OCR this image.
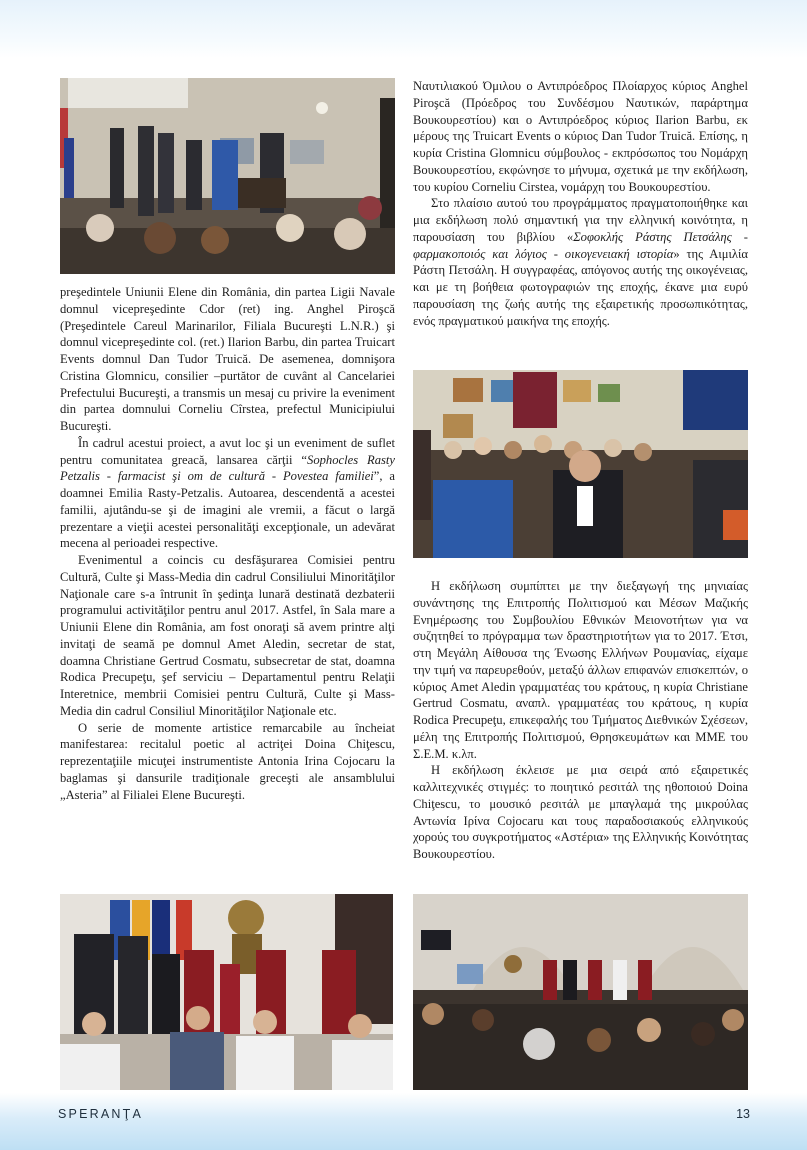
preşedintele Uniunii Elene din România, din partea Ligii Navale domnul vicepreşedinte Cdor (ret) ing. Anghel Piroşcă (Preşedintele Careul Marinarilor, Filiala Bucureşti L.N.R.) şi domnul vicepreşedinte col. (ret.) Ilarion Barbu, din partea Truicart Events domnul Dan Tudor Truică. De asemenea, domnişora Cristina Glomnicu, consilier –purtător de cuvânt al Cancelariei Prefectului Bucureşti, a transmis un mesaj cu privire la eveniment din partea domnului Corneliu Cîrstea, prefectul Municipiului Bucureşti.

În cadrul acestui proiect, a avut loc şi un eveniment de suflet pentru comunitatea greacă, lansarea cărţii “Sophocles Rasty Petzalis - farmacist şi om de cultură - Povestea familiei”, a doamnei Emilia Rasty-Petzalis. Autoarea, descendentă a acestei familii, ajutându-se şi de imagini ale vremii, a făcut o largă prezentare a vieţii acestei personalităţi excepţionale, un adevărat mecena al perioadei respective.

Evenimentul a coincis cu desfăşurarea Comisiei pentru Cultură, Culte şi Mass-Media din cadrul Consiliului Minorităţilor Naţionale care s-a întrunit în şedinţa lunară destinată dezbaterii programului activităţilor pentru anul 2017. Astfel, în Sala mare a Uniunii Elene din România, am fost onoraţi să avem printre alţi invitaţi de seamă pe domnul Amet Aledin, secretar de stat, doamna Christiane Gertrud Cosmatu, subsecretar de stat, doamna Rodica Precupeţu, şef serviciu – Departamentul pentru Relaţii Interetnice, membrii Comisiei pentru Cultură, Culte şi Mass-Media din cadrul Consiliul Minorităţilor Naţionale etc.

O serie de momente artistice remarcabile au încheiat manifestarea: recitalul poetic al actriţei Doina Chiţescu, reprezentaţiile micuţei instrumentiste Antonia Irina Cojocaru la baglamas şi dansurile tradiţionale greceşti ale ansamblului „Asteria” al Filialei Elene Bucureşti.

Ναυτιλιακού Όμιλου ο Αντιπρόεδρος Πλοίαρχος κύριος Anghel Piroşcă (Πρόεδρος του Συνδέσμου Ναυτικών, παράρτημα Βουκουρεστίου) και ο Αντιπρόεδρος κύριος Ilarion Barbu, εκ μέρους της Truicart Events ο κύριος Dan Tudor Truică. Επίσης, η κυρία Cristina Glomnicu σύμβουλος - εκπρόσωπος του Νομάρχη Βουκουρεστίου, εκφώνησε το μήνυμα, σχετικά με την εκδήλωση, του κυρίου Corneliu Cirstea, νομάρχη του Βουκουρεστίου.

Στο πλαίσιο αυτού του προγράμματος πραγματοποιήθηκε και μια εκδήλωση πολύ σημαντική για την ελληνική κοινότητα, η παρουσίαση του βιβλίου «Σοφοκλής Ράστης Πετσάλης - φαρμακοποιός και λόγιος - οικογενειακή ιστορία» της Αιμιλία Ράστη Πετσάλη. Η συγγραφέας, απόγονος αυτής της οικογένειας, και με τη βοήθεια φωτογραφιών της εποχής, έκανε μια ευρύ παρουσίαση της ζωής αυτής της εξαιρετικής προσωπικότητας, ενός πραγματικού μαικήνα της εποχής.

Η εκδήλωση συμπίπτει με την διεξαγωγή της μηνιαίας συνάντησης της Επιτροπής Πολιτισμού και Μέσων Μαζικής Ενημέρωσης του Συμβουλίου Εθνικών Μειονοτήτων για να συζητηθεί το πρόγραμμα των δραστηριοτήτων για το 2017. Έτσι, στη Μεγάλη Αίθουσα της Ένωσης Ελλήνων Ρουμανίας, είχαμε την τιμή να παρευρεθούν, μεταξύ άλλων επιφανών επισκεπτών, ο κύριος Amet Aledin γραμματέας του κράτους, η κυρία Christiane Gertrud Cosmatu, αναπλ. γραμματέας του κράτους, η κυρία Rodica Precupeţu, επικεφαλής του Τμήματος Διεθνικών Σχέσεων, μέλη της Επιτροπής Πολιτισμού, Θρησκευμάτων και ΜΜΕ του Σ.Ε.Μ. κ.λπ.

Η εκδήλωση έκλεισε με μια σειρά από εξαιρετικές καλλιτεχνικές στιγμές: το ποιητικό ρεσιτάλ της ηθοποιού Doina Chiţescu, το μουσικό ρεσιτάλ με μπαγλαμά της μικρούλας Αντωνία Ιρίνα Cojocaru και τους παραδοσιακούς ελληνικούς χορούς του συγκροτήματος «Αστέρια» της Ελληνικής Κοινότητας Βουκουρεστίου.

SPERANŢA	13
